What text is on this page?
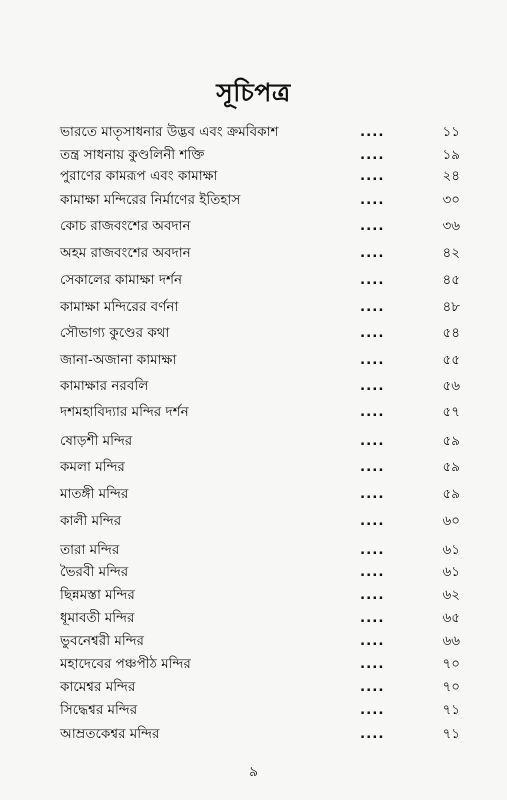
সূচিপত্র
ভারতে মাতৃসাধনার উদ্ভব এবং ক্রমবিকাশ	....	১১
তন্ত্র সাধনায় কুণ্ডলিনী শক্তি	....	১৯
পুরাণের কামরূপ এবং কামাক্ষা	....	২৪
কামাক্ষা মন্দিরের নির্মাণের ইতিহাস	....	৩০
কোচ রাজবংশের অবদান	....	৩৬
অহম রাজবংশের অবদান	....	৪২
সেকালের কামাক্ষা দর্শন	....	৪৫
কামাক্ষা মন্দিরের বর্ণনা	....	৪৮
সৌভাগ্য কুণ্ডের কথা	....	৫৪
জানা-অজানা কামাক্ষা	....	৫৫
কামাক্ষার নরবলি	....	৫৬
দশমহাবিদ্যার মন্দির দর্শন	....	৫৭
ষোড়শী মন্দির	....	৫৯
কমলা মন্দির	....	৫৯
মাতঙ্গী মন্দির	....	৫৯
কালী মন্দির	....	৬০
তারা মন্দির	....	৬১
ভৈরবী মন্দির	....	৬১
ছিন্নমস্তা মন্দির	....	৬২
ধূমাবতী মন্দির	....	৬৫
ভুবনেশ্বরী মন্দির	....	৬৬
মহাদেবের পঞ্চপীঠ মন্দির	....	৭০
কামেশ্বর মন্দির	....	৭০
সিদ্ধেশ্বর মন্দির	....	৭১
আম্রতকেশ্বর মন্দির	....	৭১
৯
